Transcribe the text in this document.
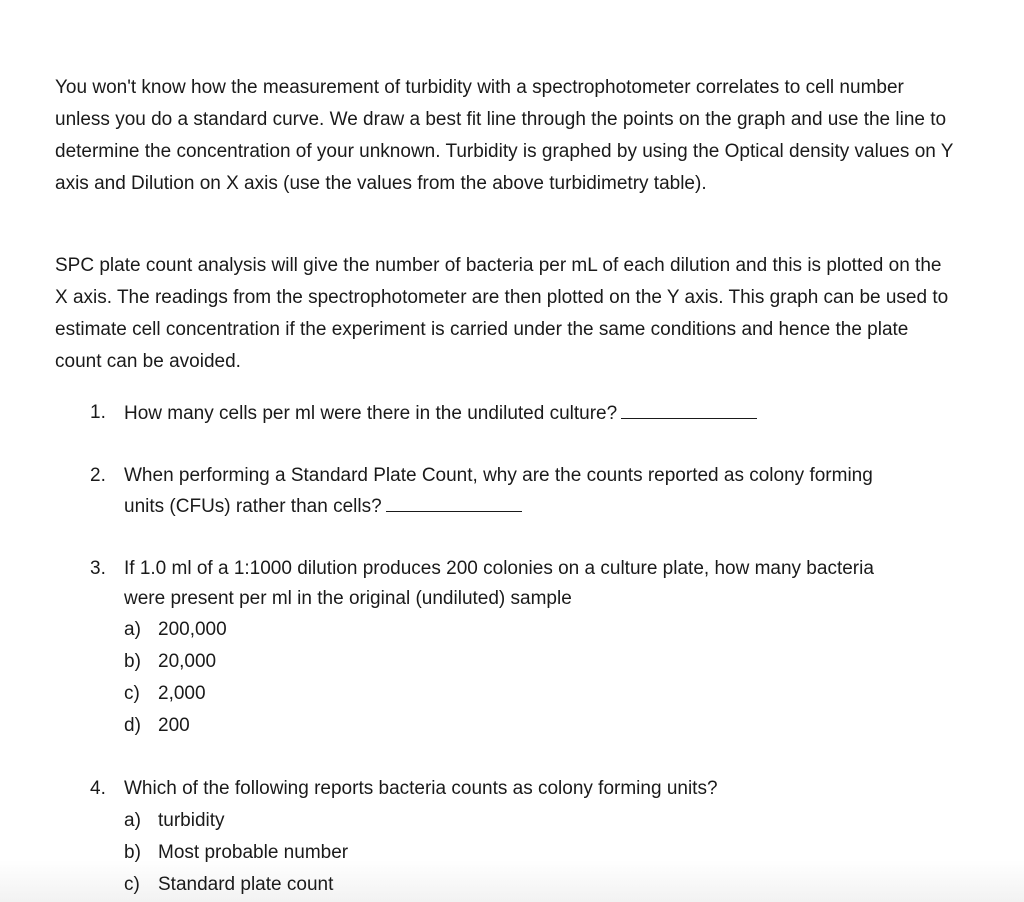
You won't know how the measurement of turbidity with a spectrophotometer correlates to cell number unless you do a standard curve. We draw a best fit line through the points on the graph and use the line to determine the concentration of your unknown. Turbidity is graphed by using the Optical density values on Y axis and Dilution on X axis (use the values from the above turbidimetry table).

SPC plate count analysis will give the number of bacteria per mL of each dilution and this is plotted on the X axis. The readings from the spectrophotometer are then plotted on the Y axis. This graph can be used to estimate cell concentration if the experiment is carried under the same conditions and hence the plate count can be avoided.

1. How many cells per ml were there in the undiluted culture?
2. When performing a Standard Plate Count, why are the counts reported as colony forming units (CFUs) rather than cells?
3. If 1.0 ml of a 1:1000 dilution produces 200 colonies on a culture plate, how many bacteria were present per ml in the original (undiluted) sample
a) 200,000
b) 20,000
c) 2,000
d) 200
4. Which of the following reports bacteria counts as colony forming units?
a) turbidity
b) Most probable number
c) Standard plate count
